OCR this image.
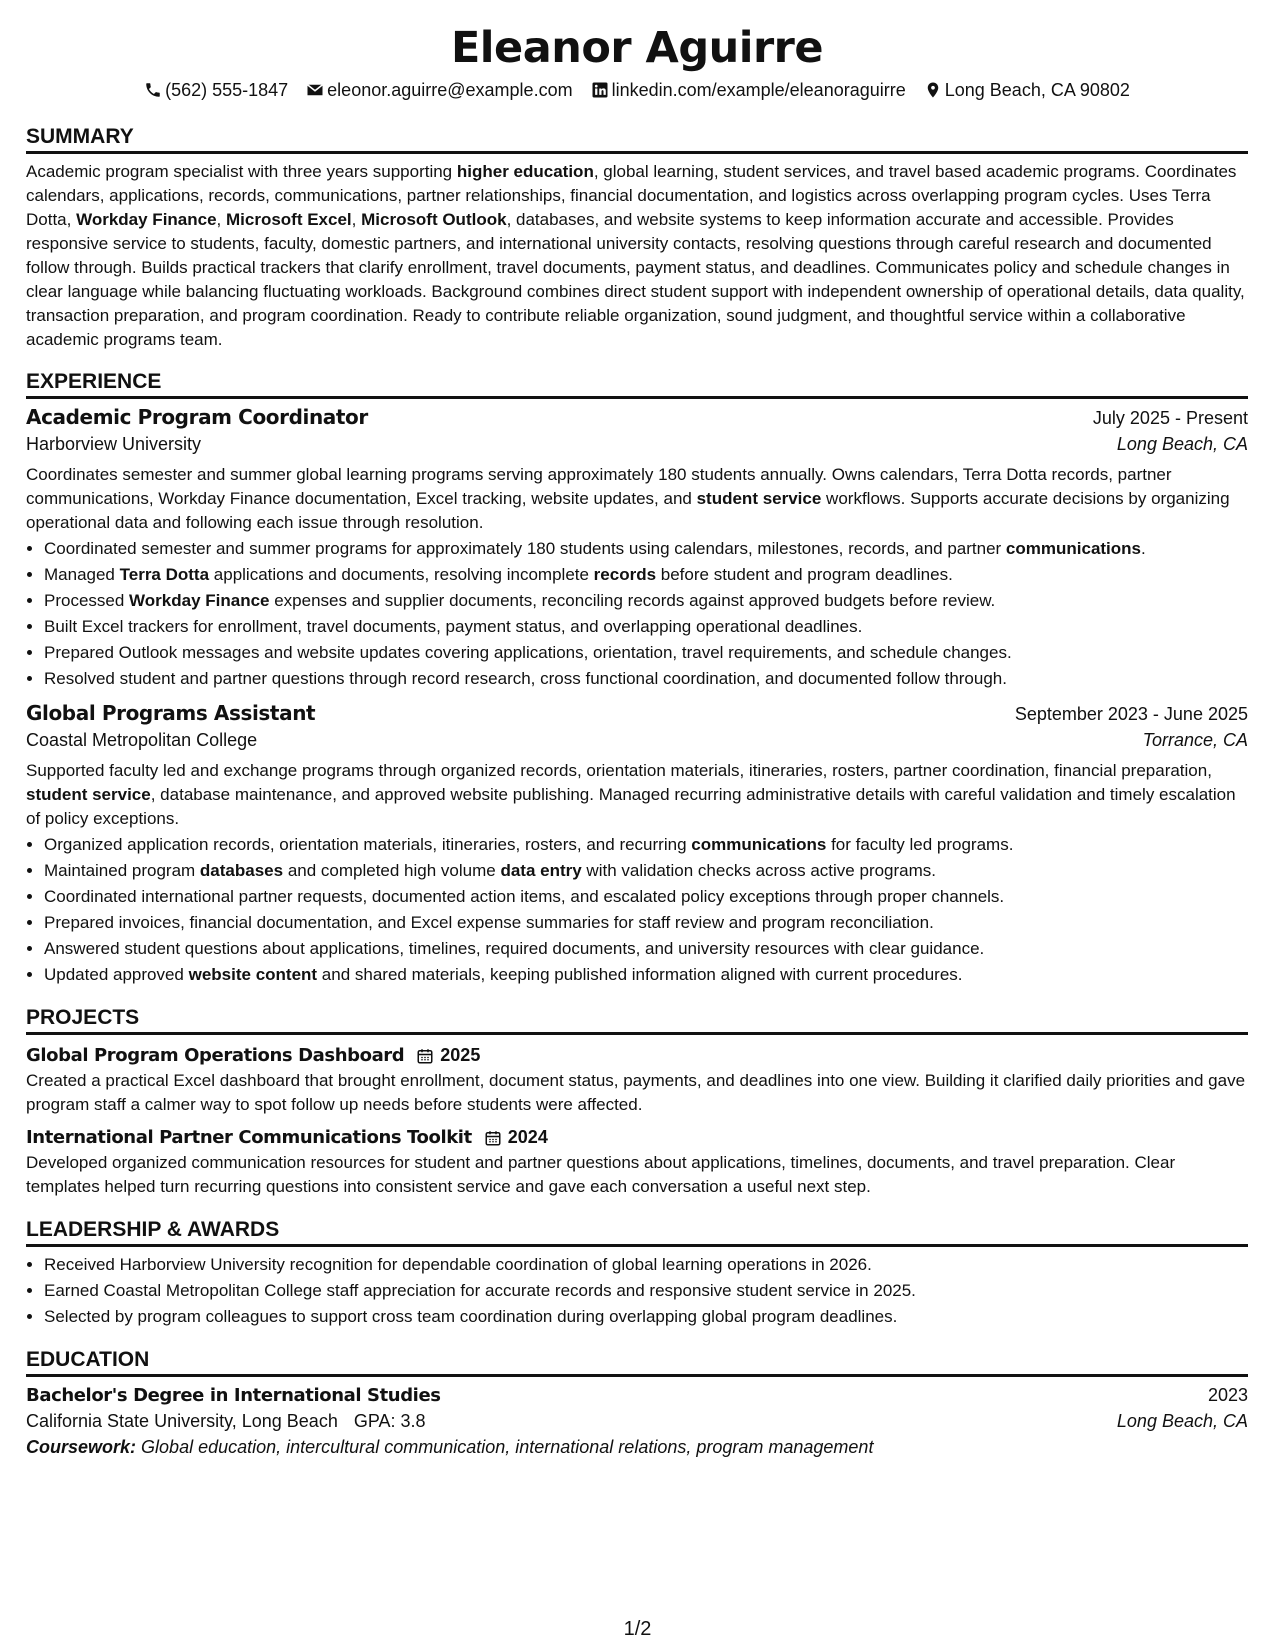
Eleanor Aguirre
(562) 555-1847 eleonor.aguirre@example.com linkedin.com/example/eleanoraguirre Long Beach, CA 90802
SUMMARY

Academic program specialist with three years supporting higher education, global learning, student services, and travel based academic programs. Coordinates calendars, applications, records, communications, partner relationships, financial documentation, and logistics across overlapping program cycles. Uses Terra Dotta, Workday Finance, Microsoft Excel, Microsoft Outlook, databases, and website systems to keep information accurate and accessible. Provides responsive service to students, faculty, domestic partners, and international university contacts, resolving questions through careful research and documented follow through. Builds practical trackers that clarify enrollment, travel documents, payment status, and deadlines. Communicates policy and schedule changes in clear language while balancing fluctuating workloads. Background combines direct student support with independent ownership of operational details, data quality, transaction preparation, and program coordination. Ready to contribute reliable organization, sound judgment, and thoughtful service within a collaborative academic programs team.

EXPERIENCE
Academic Program Coordinator	July 2025 - Present
Harborview University	Long Beach, CA

Coordinates semester and summer global learning programs serving approximately 180 students annually. Owns calendars, Terra Dotta records, partner communications, Workday Finance documentation, Excel tracking, website updates, and student service workflows. Supports accurate decisions by organizing operational data and following each issue through resolution.

• Coordinated semester and summer programs for approximately 180 students using calendars, milestones, records, and partner communications.
• Managed Terra Dotta applications and documents, resolving incomplete records before student and program deadlines.
• Processed Workday Finance expenses and supplier documents, reconciling records against approved budgets before review.
• Built Excel trackers for enrollment, travel documents, payment status, and overlapping operational deadlines.
• Prepared Outlook messages and website updates covering applications, orientation, travel requirements, and schedule changes.
• Resolved student and partner questions through record research, cross functional coordination, and documented follow through.
Global Programs Assistant	September 2023 - June 2025
Coastal Metropolitan College	Torrance, CA

Supported faculty led and exchange programs through organized records, orientation materials, itineraries, rosters, partner coordination, financial preparation, student service, database maintenance, and approved website publishing. Managed recurring administrative details with careful validation and timely escalation of policy exceptions.

• Organized application records, orientation materials, itineraries, rosters, and recurring communications for faculty led programs.
• Maintained program databases and completed high volume data entry with validation checks across active programs.
• Coordinated international partner requests, documented action items, and escalated policy exceptions through proper channels.
• Prepared invoices, financial documentation, and Excel expense summaries for staff review and program reconciliation.
• Answered student questions about applications, timelines, required documents, and university resources with clear guidance.
• Updated approved website content and shared materials, keeping published information aligned with current procedures.
PROJECTS
Global Program Operations Dashboard 2025

Created a practical Excel dashboard that brought enrollment, document status, payments, and deadlines into one view. Building it clarified daily priorities and gave program staff a calmer way to spot follow up needs before students were affected.

International Partner Communications Toolkit 2024

Developed organized communication resources for student and partner questions about applications, timelines, documents, and travel preparation. Clear templates helped turn recurring questions into consistent service and gave each conversation a useful next step.

LEADERSHIP & AWARDS
• Received Harborview University recognition for dependable coordination of global learning operations in 2026.
• Earned Coastal Metropolitan College staff appreciation for accurate records and responsive student service in 2025.
• Selected by program colleagues to support cross team coordination during overlapping global program deadlines.
EDUCATION
Bachelor's Degree in International Studies	2023
California State University, Long Beach GPA: 3.8	Long Beach, CA
Coursework: Global education, intercultural communication, international relations, program management
1/2
